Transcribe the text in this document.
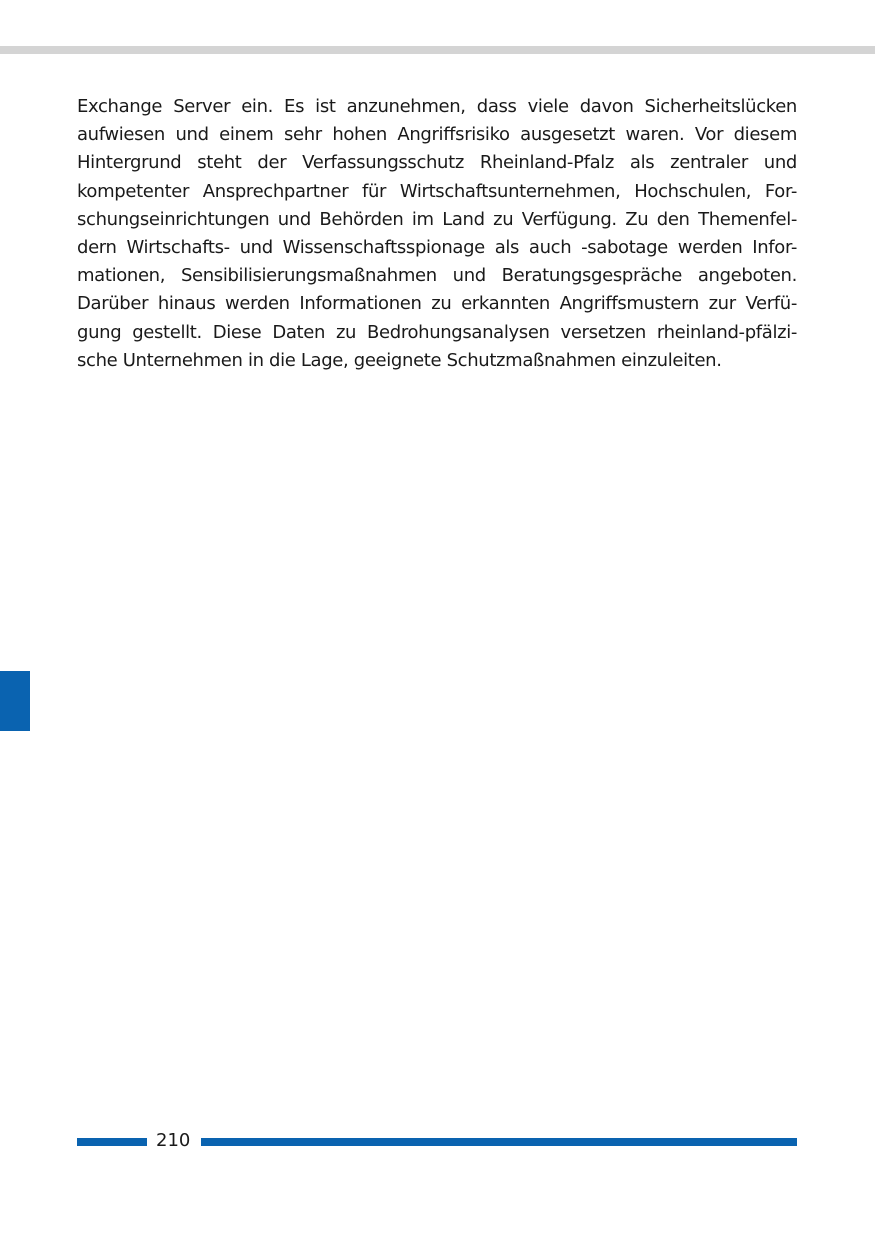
Exchange Server ein. Es ist anzunehmen, dass viele davon Sicherheitslücken
aufwiesen und einem sehr hohen Angriffsrisiko ausgesetzt waren. Vor diesem
Hintergrund steht der Verfassungsschutz Rheinland-Pfalz als zentraler und
kompetenter Ansprechpartner für Wirtschaftsunternehmen, Hochschulen, For-
schungseinrichtungen und Behörden im Land zu Verfügung. Zu den Themenfel-
dern Wirtschafts- und Wissenschaftsspionage als auch -sabotage werden Infor-
mationen, Sensibilisierungsmaßnahmen und Beratungsgespräche angeboten.
Darüber hinaus werden Informationen zu erkannten Angriffsmustern zur Verfü-
gung gestellt. Diese Daten zu Bedrohungsanalysen versetzen rheinland-pfälzi-
sche Unternehmen in die Lage, geeignete Schutzmaßnahmen einzuleiten.
210
